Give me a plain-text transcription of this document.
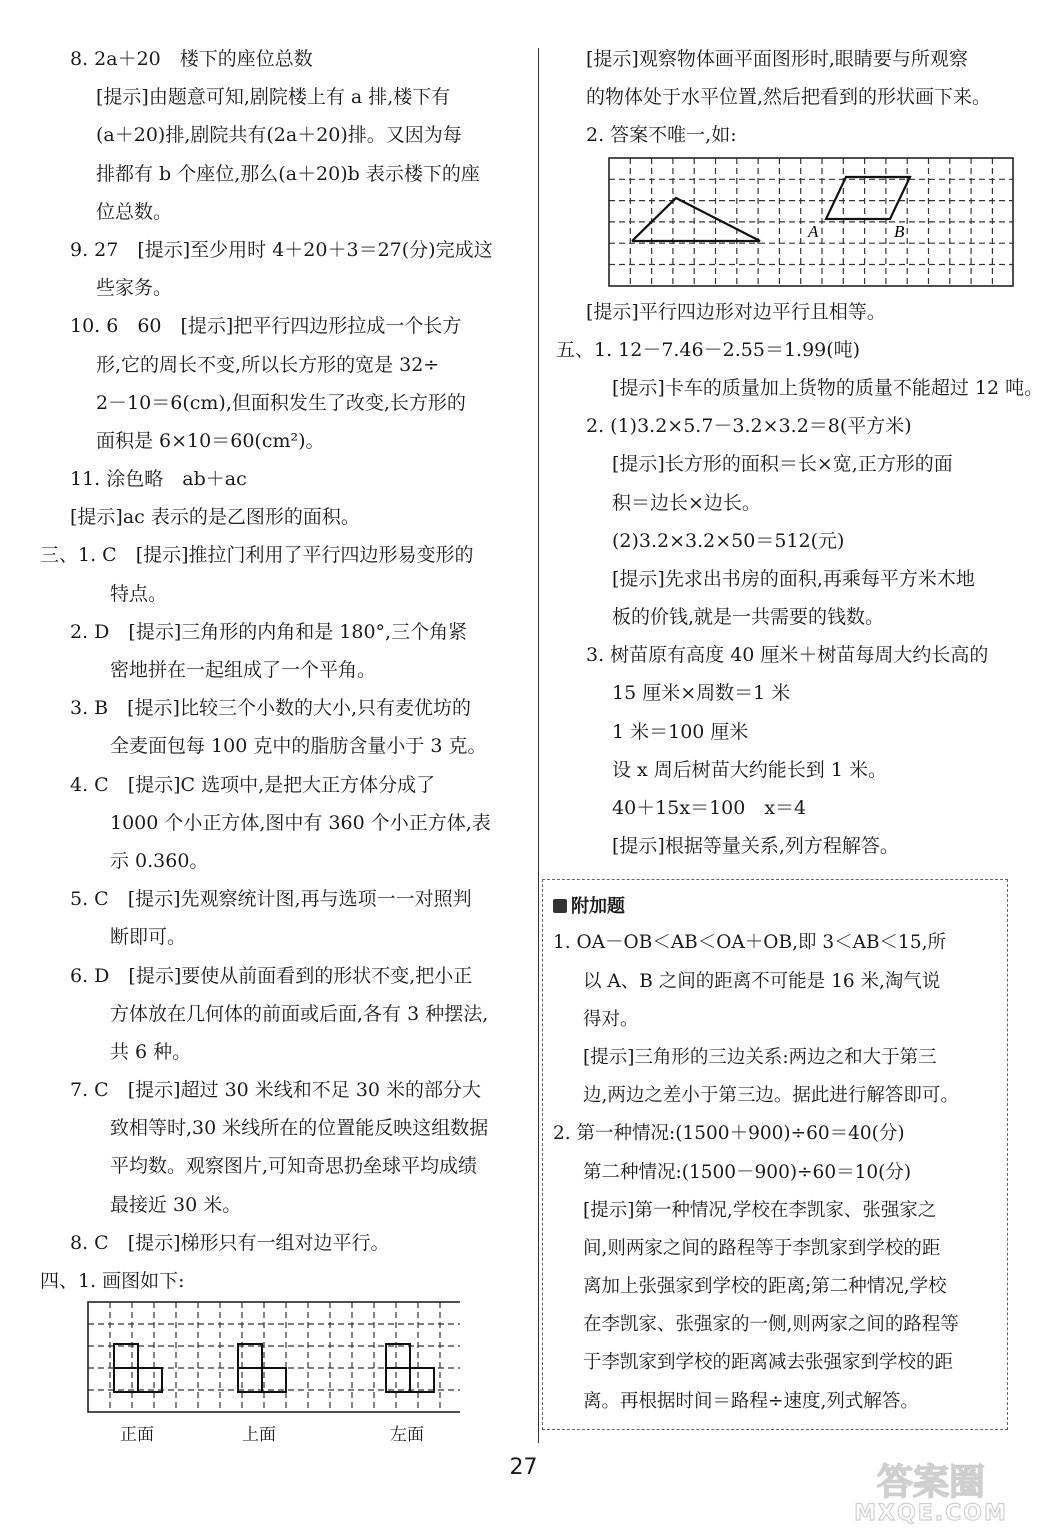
8. 2a＋20　楼下的座位总数
[提示]由题意可知,剧院楼上有 a 排,楼下有
(a＋20)排,剧院共有(2a＋20)排。又因为每
排都有 b 个座位,那么(a＋20)b 表示楼下的座
位总数。
9. 27　[提示]至少用时 4＋20＋3＝27(分)完成这
些家务。
10. 6　60　[提示]把平行四边形拉成一个长方
形,它的周长不变,所以长方形的宽是 32÷
2－10＝6(cm),但面积发生了改变,长方形的
面积是 6×10＝60(cm²)。
11. 涂色略　ab＋ac
[提示]ac 表示的是乙图形的面积。
三、1. C　[提示]推拉门利用了平行四边形易变形的
特点。
2. D　[提示]三角形的内角和是 180°,三个角紧
密地拼在一起组成了一个平角。
3. B　[提示]比较三个小数的大小,只有麦优坊的
全麦面包每 100 克中的脂肪含量小于 3 克。
4. C　[提示]C 选项中,是把大正方体分成了
1000 个小正方体,图中有 360 个小正方体,表
示 0.360。
5. C　[提示]先观察统计图,再与选项一一对照判
断即可。
6. D　[提示]要使从前面看到的形状不变,把小正
方体放在几何体的前面或后面,各有 3 种摆法,
共 6 种。
7. C　[提示]超过 30 米线和不足 30 米的部分大
致相等时,30 米线所在的位置能反映这组数据
平均数。观察图片,可知奇思扔垒球平均成绩
最接近 30 米。
8. C　[提示]梯形只有一组对边平行。
四、1. 画图如下:
正面	上面	左面
[提示]观察物体画平面图形时,眼睛要与所观察
的物体处于水平位置,然后把看到的形状画下来。
2. 答案不唯一,如:
A	B
[提示]平行四边形对边平行且相等。
五、1. 12－7.46－2.55＝1.99(吨)
[提示]卡车的质量加上货物的质量不能超过 12 吨。
2. (1)3.2×5.7－3.2×3.2＝8(平方米)
[提示]长方形的面积＝长×宽,正方形的面
积＝边长×边长。
(2)3.2×3.2×50＝512(元)
[提示]先求出书房的面积,再乘每平方米木地
板的价钱,就是一共需要的钱数。
3. 树苗原有高度 40 厘米＋树苗每周大约长高的
15 厘米×周数＝1 米
1 米＝100 厘米
设 x 周后树苗大约能长到 1 米。
40＋15x＝100　x＝4
[提示]根据等量关系,列方程解答。
附加题
1. OA－OB＜AB＜OA＋OB,即 3＜AB＜15,所
以 A、B 之间的距离不可能是 16 米,淘气说
得对。
[提示]三角形的三边关系:两边之和大于第三
边,两边之差小于第三边。据此进行解答即可。
2. 第一种情况:(1500＋900)÷60＝40(分)
第二种情况:(1500－900)÷60＝10(分)
[提示]第一种情况,学校在李凯家、张强家之
间,则两家之间的路程等于李凯家到学校的距
离加上张强家到学校的距离;第二种情况,学校
在李凯家、张强家的一侧,则两家之间的路程等
于李凯家到学校的距离减去张强家到学校的距
离。再根据时间＝路程÷速度,列式解答。
27	答案圈
MXQE.COM
